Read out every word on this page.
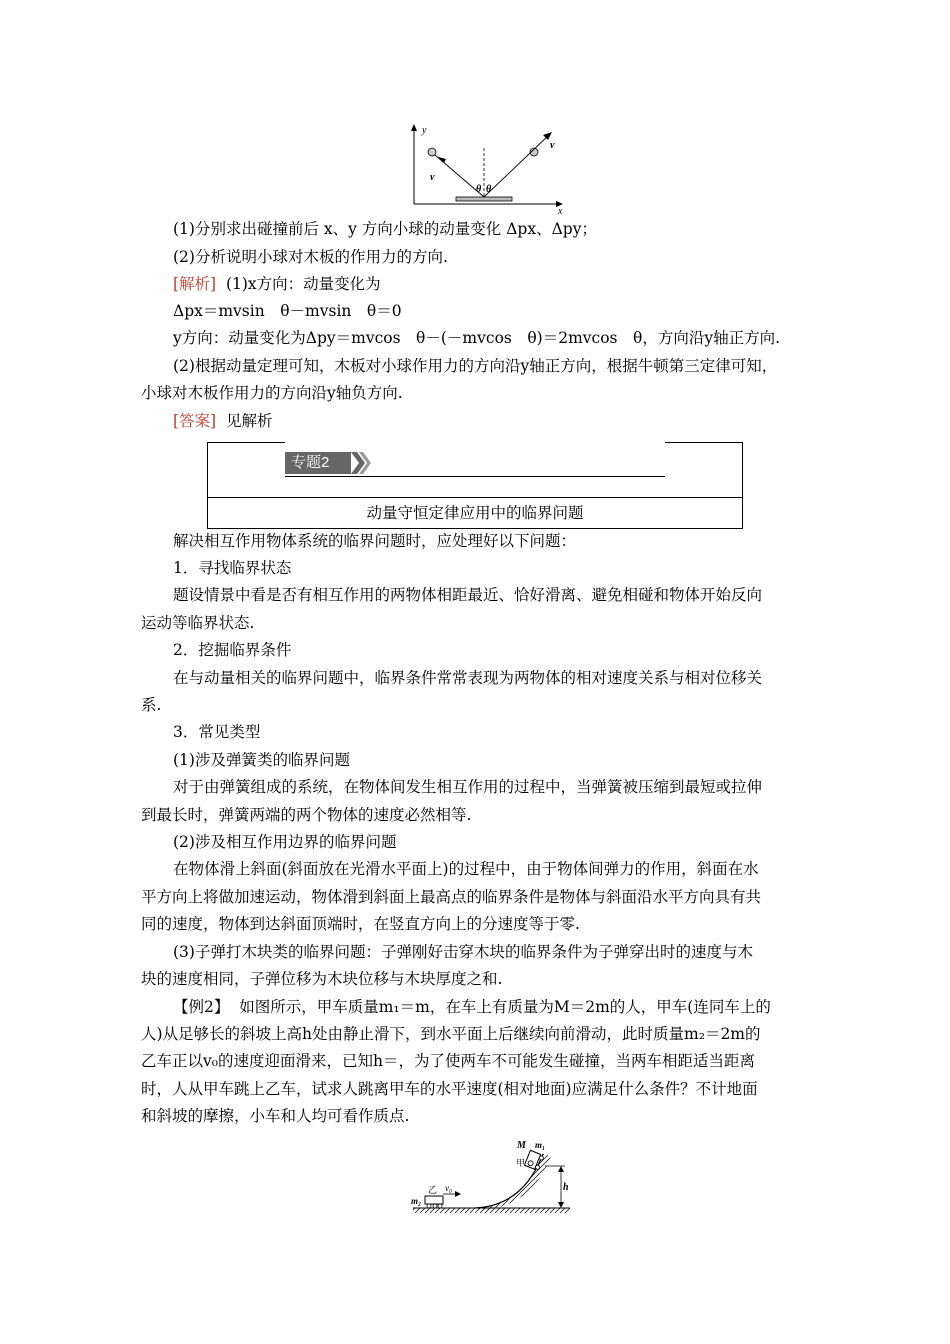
y
x
v
v
θ θ
(1)分别求出碰撞前后 x、y 方向小球的动量变化 Δpx、Δpy；
(2)分析说明小球对木板的作用力的方向.
[解析] (1)x方向：动量变化为
Δpx＝mvsin　θ－mvsin　θ＝0
y方向：动量变化为Δpy＝mvcos　θ－(－mvcos　θ)＝2mvcos　θ，方向沿y轴正方向.
(2)根据动量定理可知，木板对小球作用力的方向沿y轴正方向，根据牛顿第三定律可知，
小球对木板作用力的方向沿y轴负方向.
[答案] 见解析
专题2
动量守恒定律应用中的临界问题
解决相互作用物体系统的临界问题时，应处理好以下问题：
1．寻找临界状态
题设情景中看是否有相互作用的两物体相距最近、恰好滑离、避免相碰和物体开始反向
运动等临界状态.
2．挖掘临界条件
在与动量相关的临界问题中，临界条件常常表现为两物体的相对速度关系与相对位移关
系.
3．常见类型
(1)涉及弹簧类的临界问题
对于由弹簧组成的系统，在物体间发生相互作用的过程中，当弹簧被压缩到最短或拉伸
到最长时，弹簧两端的两个物体的速度必然相等.
(2)涉及相互作用边界的临界问题
在物体滑上斜面(斜面放在光滑水平面上)的过程中，由于物体间弹力的作用，斜面在水
平方向上将做加速运动，物体滑到斜面上最高点的临界条件是物体与斜面沿水平方向具有共
同的速度，物体到达斜面顶端时，在竖直方向上的分速度等于零.
(3)子弹打木块类的临界问题：子弹刚好击穿木块的临界条件为子弹穿出时的速度与木
块的速度相同，子弹位移为木块位移与木块厚度之和.
【例2】 如图所示，甲车质量m₁＝m，在车上有质量为M＝2m的人，甲车(连同车上的
人)从足够长的斜坡上高h处由静止滑下，到水平面上后继续向前滑动，此时质量m₂＝2m的
乙车正以v₀的速度迎面滑来，已知h＝，为了使两车不可能发生碰撞，当两车相距适当距离
时，人从甲车跳上乙车，试求人跳离甲车的水平速度(相对地面)应满足什么条件？不计地面
和斜坡的摩擦，小车和人均可看作质点.
h
M m₁
甲
乙 v₀
m₂
